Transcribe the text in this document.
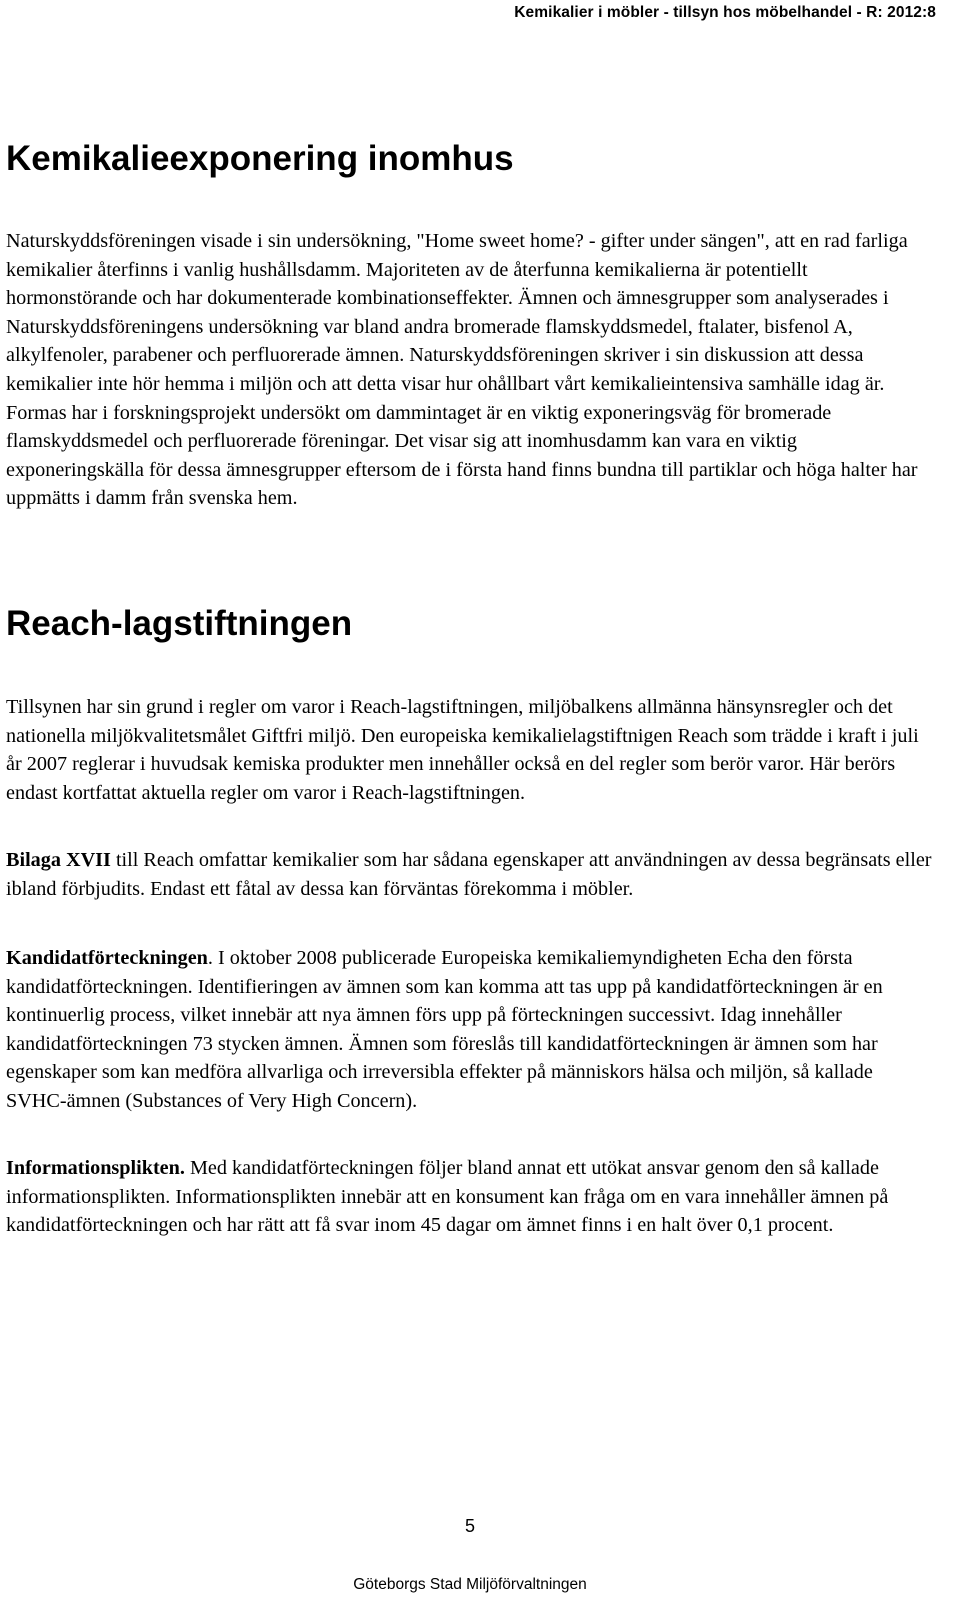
Kemikalier i möbler - tillsyn hos möbelhandel - R: 2012:8
Kemikalieexponering inomhus

Naturskyddsföreningen visade i sin undersökning, "Home sweet home? - gifter under sängen", att en rad farliga kemikalier återfinns i vanlig hushållsdamm. Majoriteten av de återfunna kemikalierna är potentiellt hormonstörande och har dokumenterade kombinationseffekter. Ämnen och ämnesgrupper som analyserades i Naturskyddsföreningens undersökning var bland andra bromerade flamskyddsmedel, ftalater, bisfenol A, alkylfenoler, parabener och perfluorerade ämnen. Naturskyddsföreningen skriver i sin diskussion att dessa kemikalier inte hör hemma i miljön och att detta visar hur ohållbart vårt kemikalieintensiva samhälle idag är. Formas har i forskningsprojekt undersökt om dammintaget är en viktig exponeringsväg för bromerade flamskyddsmedel och perfluorerade föreningar. Det visar sig att inomhusdamm kan vara en viktig exponeringskälla för dessa ämnesgrupper eftersom de i första hand finns bundna till partiklar och höga halter har uppmätts i damm från svenska hem.

Reach-lagstiftningen

Tillsynen har sin grund i regler om varor i Reach-lagstiftningen, miljöbalkens allmänna hänsynsregler och det nationella miljökvalitetsmålet Giftfri miljö. Den europeiska kemikalielagstiftnigen Reach som trädde i kraft i juli år 2007 reglerar i huvudsak kemiska produkter men innehåller också en del regler som berör varor. Här berörs endast kortfattat aktuella regler om varor i Reach-lagstiftningen.

Bilaga XVII till Reach omfattar kemikalier som har sådana egenskaper att användningen av dessa begränsats eller ibland förbjudits. Endast ett fåtal av dessa kan förväntas förekomma i möbler.

Kandidatförteckningen. I oktober 2008 publicerade Europeiska kemikaliemyndigheten Echa den första kandidatförteckningen. Identifieringen av ämnen som kan komma att tas upp på kandidatförteckningen är en kontinuerlig process, vilket innebär att nya ämnen förs upp på förteckningen successivt. Idag innehåller kandidatförteckningen 73 stycken ämnen. Ämnen som föreslås till kandidatförteckningen är ämnen som har egenskaper som kan medföra allvarliga och irreversibla effekter på människors hälsa och miljön, så kallade SVHC-ämnen (Substances of Very High Concern).

Informationsplikten. Med kandidatförteckningen följer bland annat ett utökat ansvar genom den så kallade informationsplikten. Informationsplikten innebär att en konsument kan fråga om en vara innehåller ämnen på kandidatförteckningen och har rätt att få svar inom 45 dagar om ämnet finns i en halt över 0,1 procent.

5
Göteborgs Stad Miljöförvaltningen
